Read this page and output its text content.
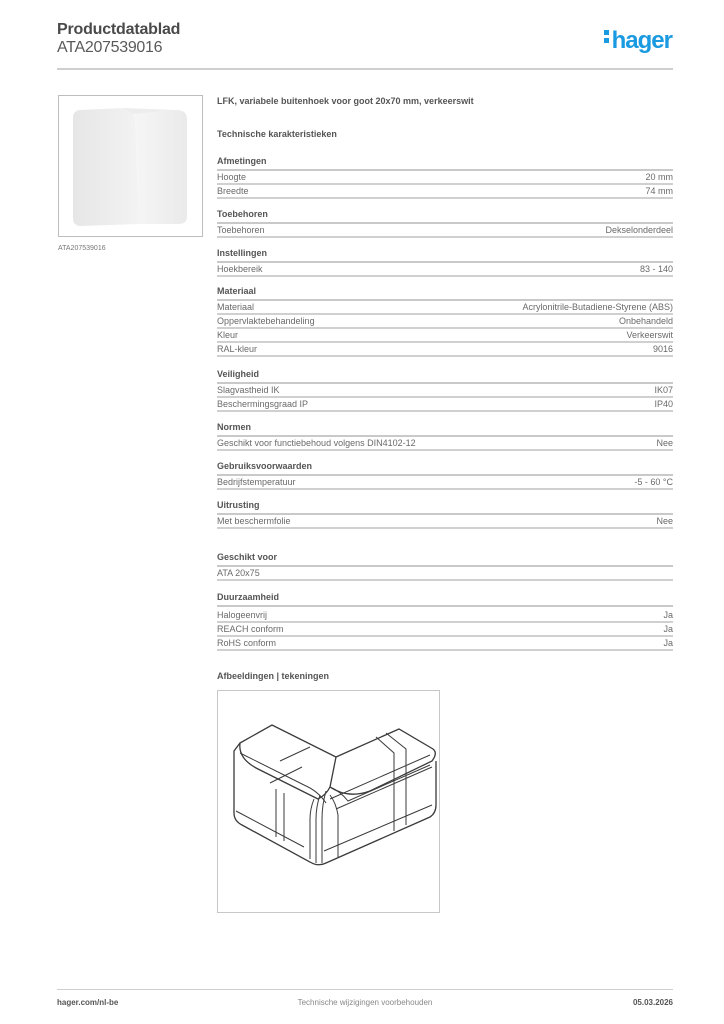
Productdatablad
ATA207539016	hager
ATA207539016
LFK, variabele buitenhoek voor goot 20x70 mm, verkeerswit
Technische karakteristieken
Afmetingen
Hoogte	20 mm
Breedte	74 mm
Toebehoren
Toebehoren	Dekselonderdeel
Instellingen
Hoekbereik	83 - 140
Materiaal
Materiaal	Acrylonitrile-Butadiene-Styrene (ABS)
Oppervlaktebehandeling	Onbehandeld
Kleur	Verkeerswit
RAL-kleur	9016
Veiligheid
Slagvastheid IK	IK07
Beschermingsgraad IP	IP40
Normen
Geschikt voor functiebehoud volgens DIN4102-12	Nee
Gebruiksvoorwaarden
Bedrijfstemperatuur	-5 - 60 °C
Uitrusting
Met beschermfolie	Nee
Geschikt voor
ATA 20x75
Duurzaamheid
Halogeenvrij	Ja
REACH conform	Ja
RoHS conform	Ja
Afbeeldingen | tekeningen
Technische wijzigingen voorbehouden
hager.com/nl-be	05.03.2026
